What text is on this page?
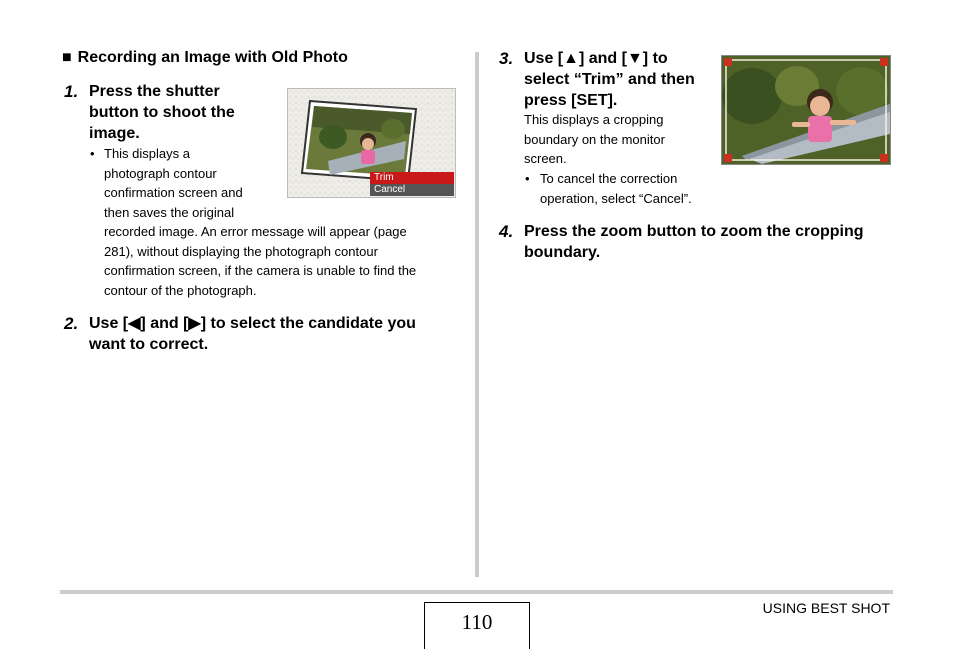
■ Recording an Image with Old Photo
1. Press the shutter
button to shoot the
image.
• This displays a
photograph contour
confirmation screen and
then saves the original
recorded image. An error message will appear (page
281), without displaying the photograph contour
confirmation screen, if the camera is unable to find the
contour of the photograph.
Trim
Cancel
2. Use [◀] and [▶] to select the candidate you
want to correct.
3. Use [▲] and [▼] to
select “Trim” and then
press [SET].
This displays a cropping
boundary on the monitor
screen.
• To cancel the correction
operation, select “Cancel”.
4. Press the zoom button to zoom the cropping
boundary.
110
USING BEST SHOT
